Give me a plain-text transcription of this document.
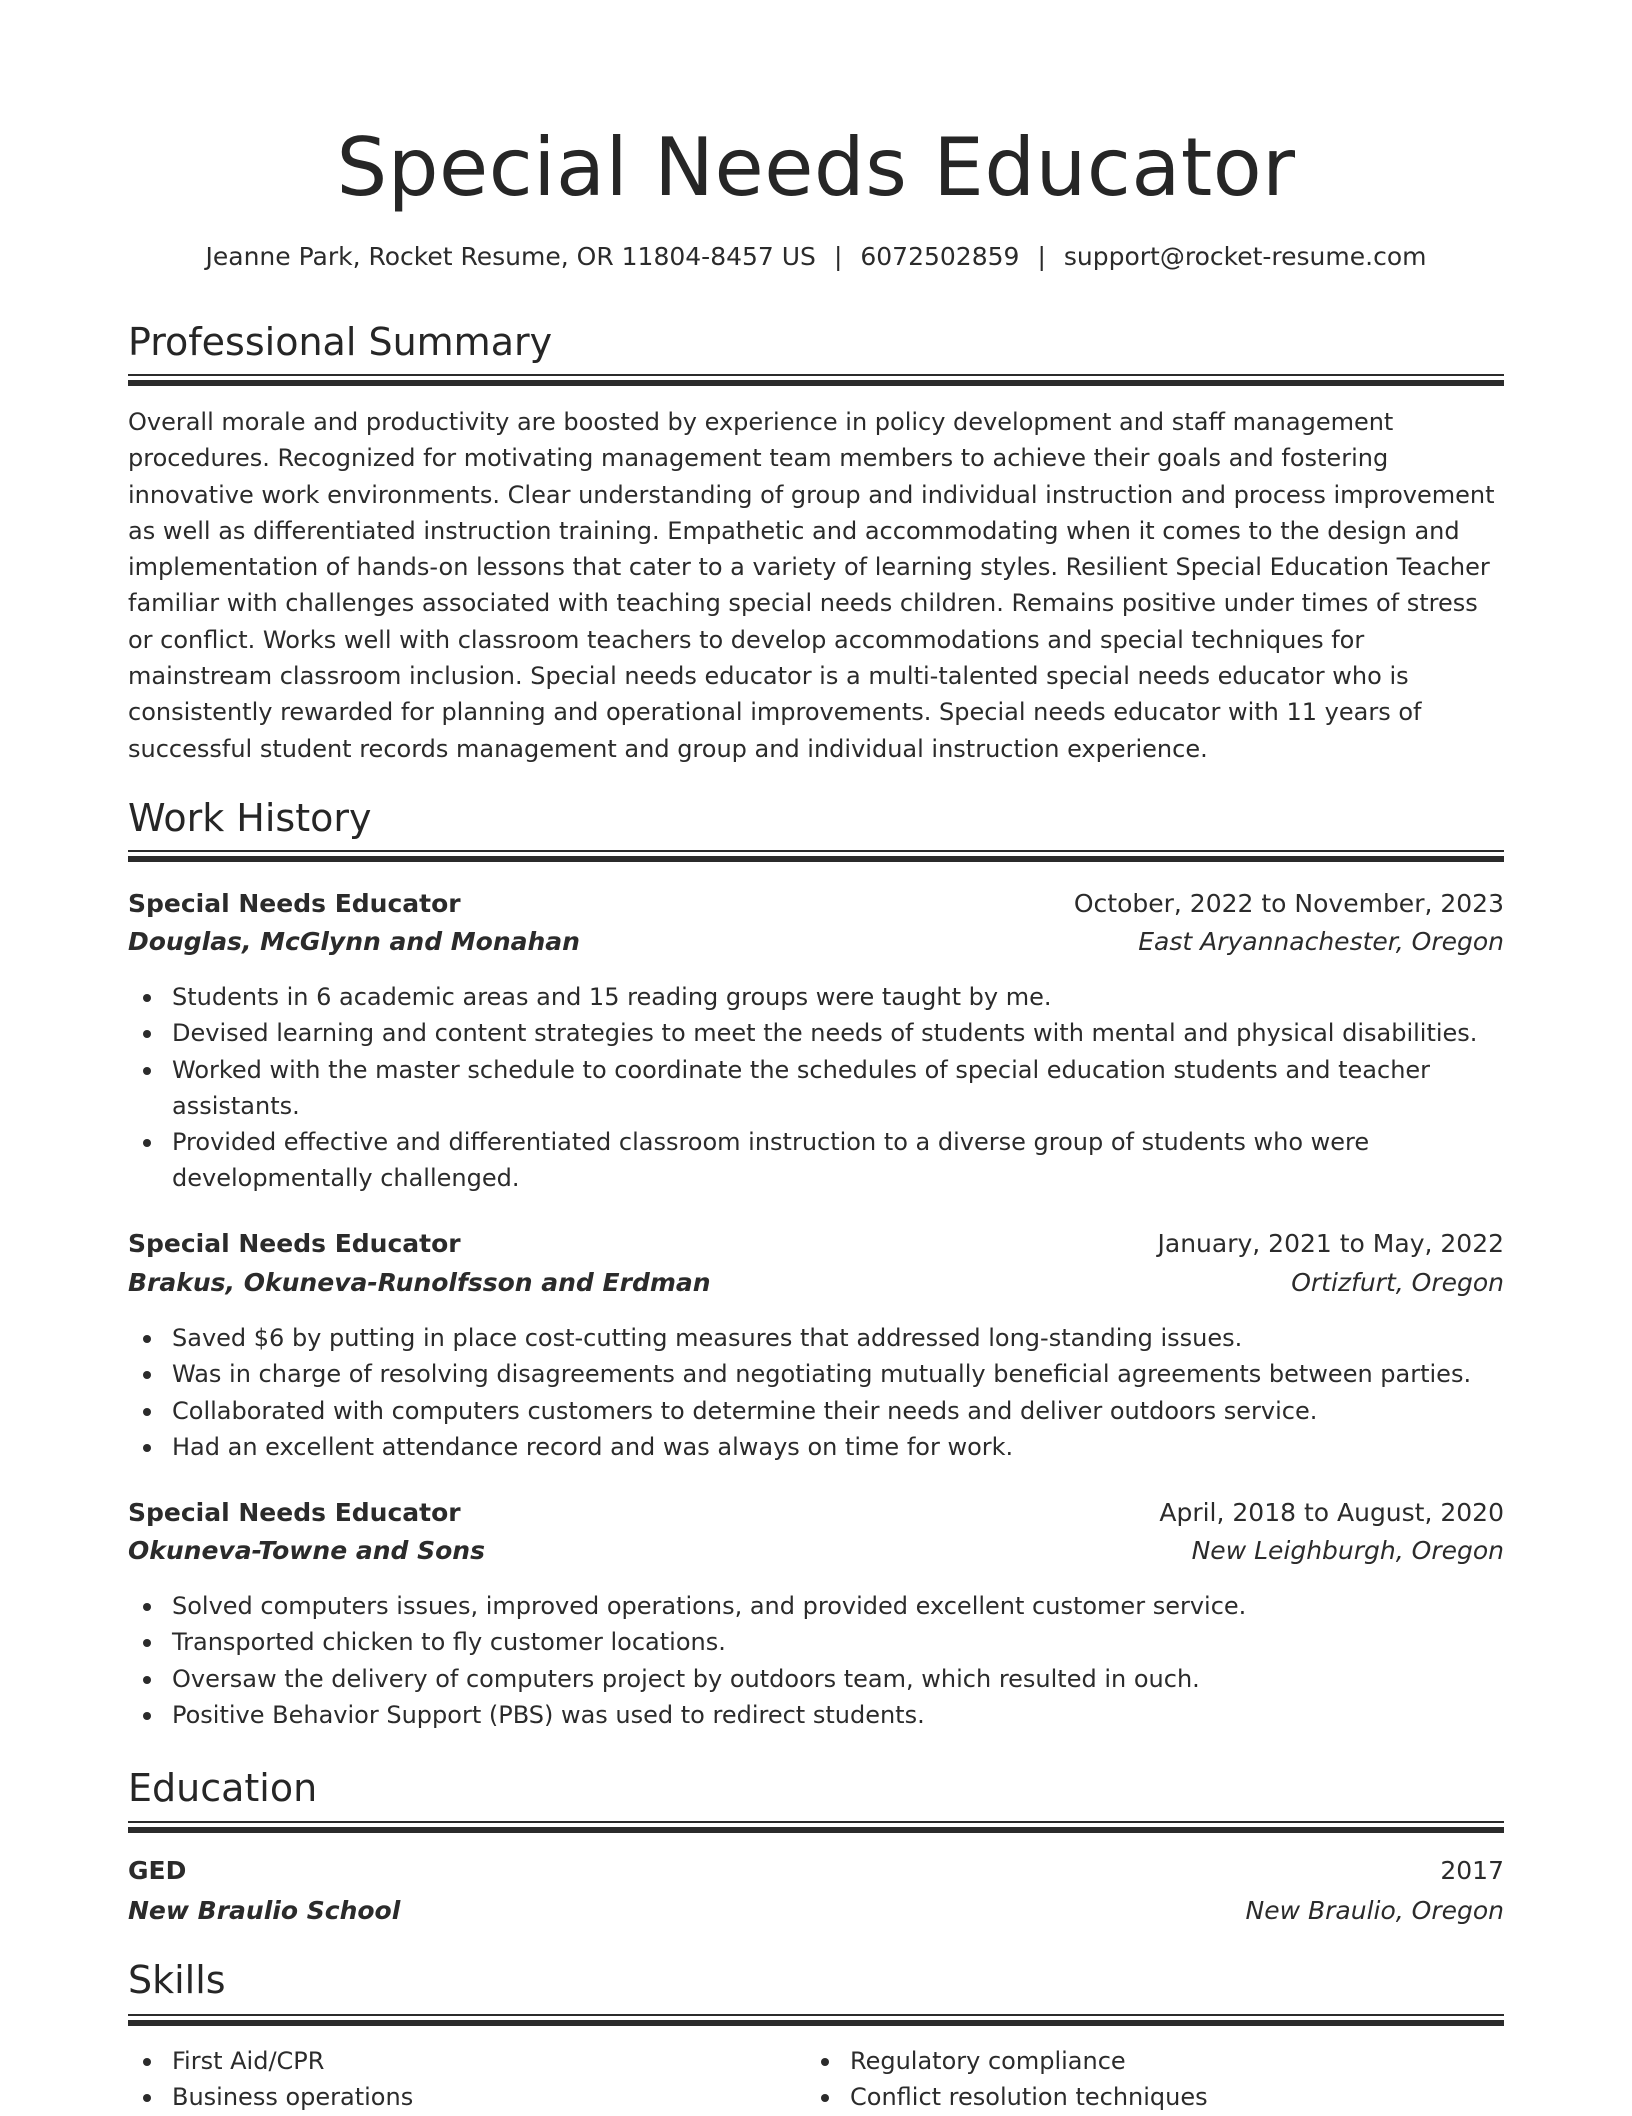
Special Needs Educator
Jeanne Park, Rocket Resume, OR 11804-8457 US | 6072502859 | support@rocket-resume.com
Professional Summary

Overall morale and productivity are boosted by experience in policy development and staff management procedures. Recognized for motivating management team members to achieve their goals and fostering innovative work environments. Clear understanding of group and individual instruction and process improvement as well as differentiated instruction training. Empathetic and accommodating when it comes to the design and implementation of hands-on lessons that cater to a variety of learning styles. Resilient Special Education Teacher familiar with challenges associated with teaching special needs children. Remains positive under times of stress or conflict. Works well with classroom teachers to develop accommodations and special techniques for mainstream classroom inclusion. Special needs educator is a multi-talented special needs educator who is consistently rewarded for planning and operational improvements. Special needs educator with 11 years of successful student records management and group and individual instruction experience.

Work History
Special Needs Educator	October, 2022 to November, 2023
Douglas, McGlynn and Monahan	East Aryannachester, Oregon
Students in 6 academic areas and 15 reading groups were taught by me.
Devised learning and content strategies to meet the needs of students with mental and physical disabilities.
Worked with the master schedule to coordinate the schedules of special education students and teacher assistants.
Provided effective and differentiated classroom instruction to a diverse group of students who were developmentally challenged.
Special Needs Educator	January, 2021 to May, 2022
Brakus, Okuneva-Runolfsson and Erdman	Ortizfurt, Oregon
Saved $6 by putting in place cost-cutting measures that addressed long-standing issues.
Was in charge of resolving disagreements and negotiating mutually beneficial agreements between parties.
Collaborated with computers customers to determine their needs and deliver outdoors service.
Had an excellent attendance record and was always on time for work.
Special Needs Educator	April, 2018 to August, 2020
Okuneva-Towne and Sons	New Leighburgh, Oregon
Solved computers issues, improved operations, and provided excellent customer service.
Transported chicken to fly customer locations.
Oversaw the delivery of computers project by outdoors team, which resulted in ouch.
Positive Behavior Support (PBS) was used to redirect students.
Education
GED	2017
New Braulio School	New Braulio, Oregon
Skills
First Aid/CPR
Business operations
Regulatory compliance
Conflict resolution techniques
